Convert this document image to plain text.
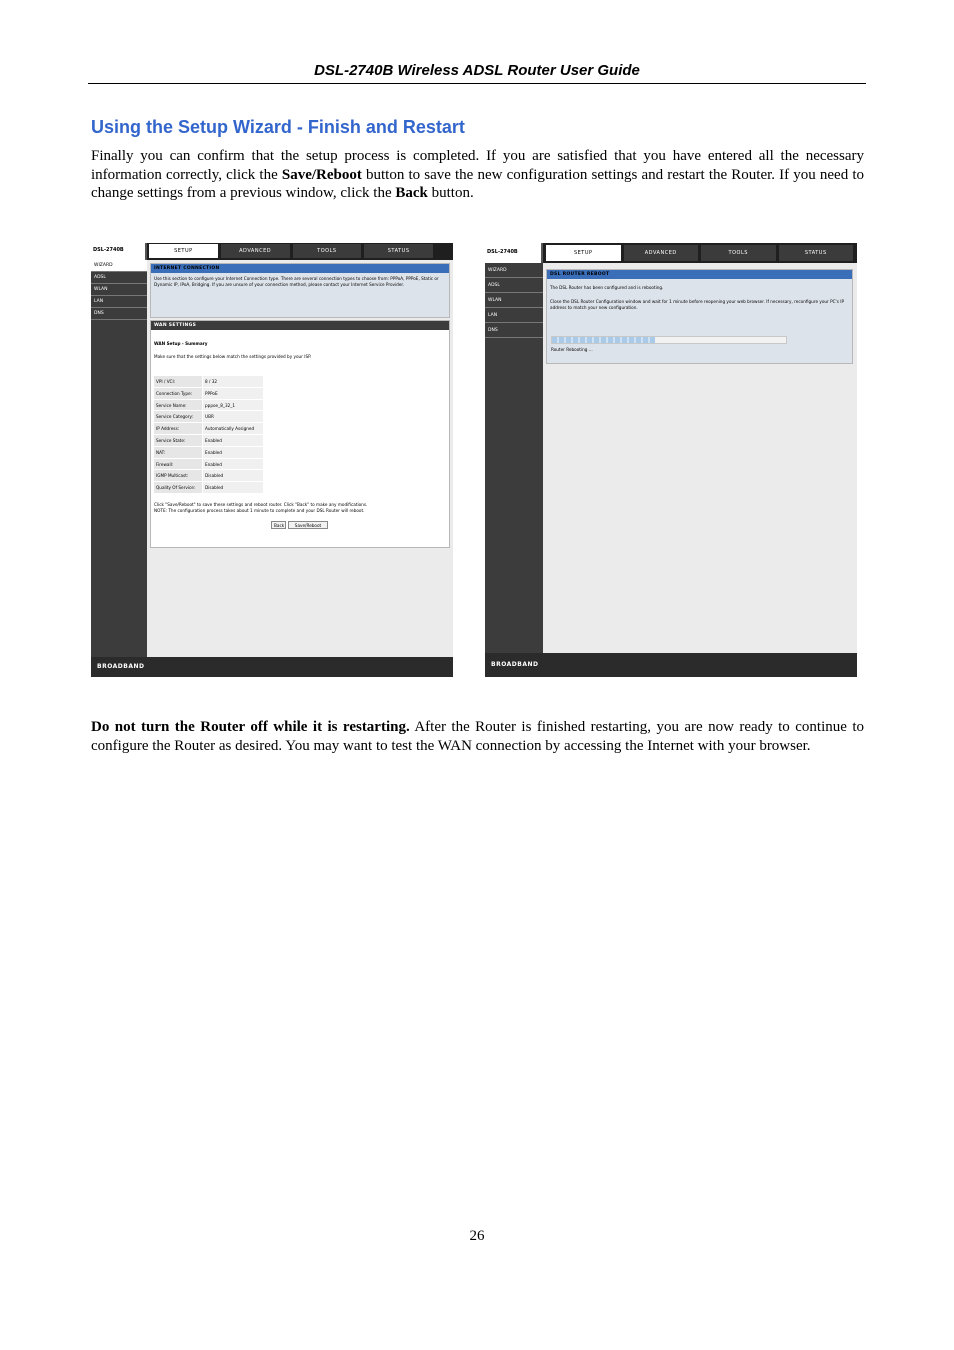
DSL-2740B Wireless ADSL Router User Guide
Using the Setup Wizard - Finish and Restart

Finally you can confirm that the setup process is completed. If you are satisfied that you have entered all the necessary information correctly, click the Save/Reboot button to save the new configuration settings and restart the Router. If you need to change settings from a previous window, click the Back button.

DSL-2740B	SETUP	ADVANCED	TOOLS	STATUS
WIZARD
ADSL
WLAN
LAN
DNS
INTERNET CONNECTION
Use this section to configure your Internet Connection type. There are several connection types to choose from: PPPoA, PPPoE, Static or Dynamic IP, IPoA, Bridging. If you are unsure of your connection method, please contact your Internet Service Provider.
WAN SETTINGS
WAN Setup - Summary
Make sure that the settings below match the settings provided by your ISP.
VPI / VCI:	8 / 32
Connection Type:	PPPoE
Service Name:	pppoe_8_32_1
Service Category:	UBR
IP Address:	Automatically Assigned
Service State:	Enabled
NAT:	Enabled
Firewall:	Enabled
IGMP Multicast:	Disabled
Quality Of Service:	Disabled
Click "Save/Reboot" to save these settings and reboot router. Click "Back" to make any modifications.
NOTE: The configuration process takes about 1 minute to complete and your DSL Router will reboot.
Back	Save/Reboot
BROADBAND
DSL-2740B	SETUP	ADVANCED	TOOLS	STATUS
WIZARD
ADSL
WLAN
LAN
DNS
DSL ROUTER REBOOT
The DSL Router has been configured and is rebooting.
Close the DSL Router Configuration window and wait for 1 minute before reopening your web browser. If necessary, reconfigure your PC's IP address to match your new configuration.
Router Rebooting ...
BROADBAND

Do not turn the Router off while it is restarting. After the Router is finished restarting, you are now ready to continue to configure the Router as desired. You may want to test the WAN connection by accessing the Internet with your browser.

26
